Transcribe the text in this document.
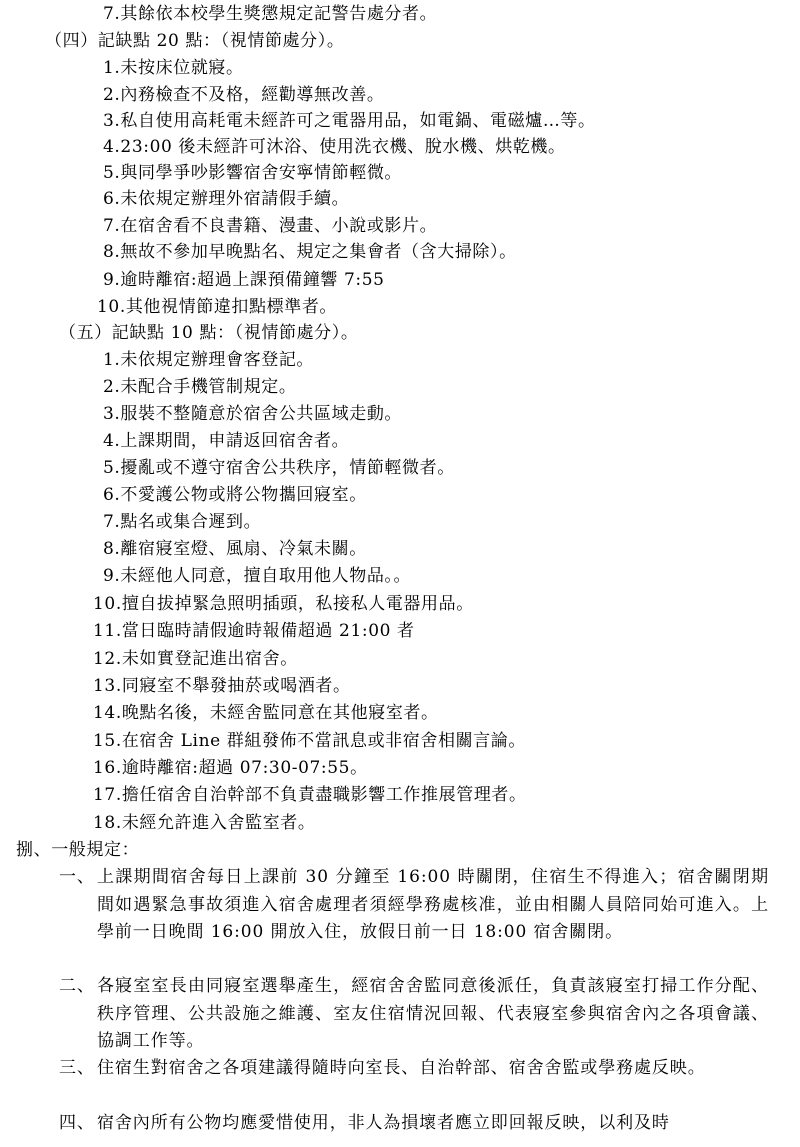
7.其餘依本校學生獎懲規定記警告處分者。
（四）記缺點 20 點：（視情節處分）。
1.未按床位就寢。
2.內務檢查不及格，經勸導無改善。
3.私自使用高耗電未經許可之電器用品，如電鍋、電磁爐…等。
4.23:00 後未經許可沐浴、使用洗衣機、脫水機、烘乾機。
5.與同學爭吵影響宿舍安寧情節輕微。
6.未依規定辦理外宿請假手續。
7.在宿舍看不良書籍、漫畫、小說或影片。
8.無故不參加早晚點名、規定之集會者（含大掃除）。
9.逾時離宿:超過上課預備鐘響 7:55
10.其他視情節違扣點標準者。
（五）記缺點 10 點：（視情節處分）。
1.未依規定辦理會客登記。
2.未配合手機管制規定。
3.服裝不整隨意於宿舍公共區域走動。
4.上課期間，申請返回宿舍者。
5.擾亂或不遵守宿舍公共秩序，情節輕微者。
6.不愛護公物或將公物攜回寢室。
7.點名或集合遲到。
8.離宿寢室燈、風扇、冷氣未關。
9.未經他人同意，擅自取用他人物品。。
10.擅自拔掉緊急照明插頭，私接私人電器用品。
11.當日臨時請假逾時報備超過 21:00 者
12.未如實登記進出宿舍。
13.同寢室不舉發抽菸或喝酒者。
14.晚點名後，未經舍監同意在其他寢室者。
15.在宿舍 Line 群組發佈不當訊息或非宿舍相關言論。
16.逾時離宿:超過 07:30-07:55。
17.擔任宿舍自治幹部不負責盡職影響工作推展管理者。
18.未經允許進入舍監室者。
捌、一般規定：
一、 上課期間宿舍每日上課前 30 分鐘至 16:00 時關閉，住宿生不得進入；宿舍關閉期間如遇緊急事故須進入宿舍處理者須經學務處核准，並由相關人員陪同始可進入。上學前一日晚間 16:00 開放入住，放假日前一日 18:00 宿舍關閉。
二、 各寢室室長由同寢室選舉產生，經宿舍舍監同意後派任，負責該寢室打掃工作分配、秩序管理、公共設施之維護、室友住宿情況回報、代表寢室參與宿舍內之各項會議、協調工作等。
三、 住宿生對宿舍之各項建議得隨時向室長、自治幹部、宿舍舍監或學務處反映。
四、 宿舍內所有公物均應愛惜使用，非人為損壞者應立即回報反映，以利及時
